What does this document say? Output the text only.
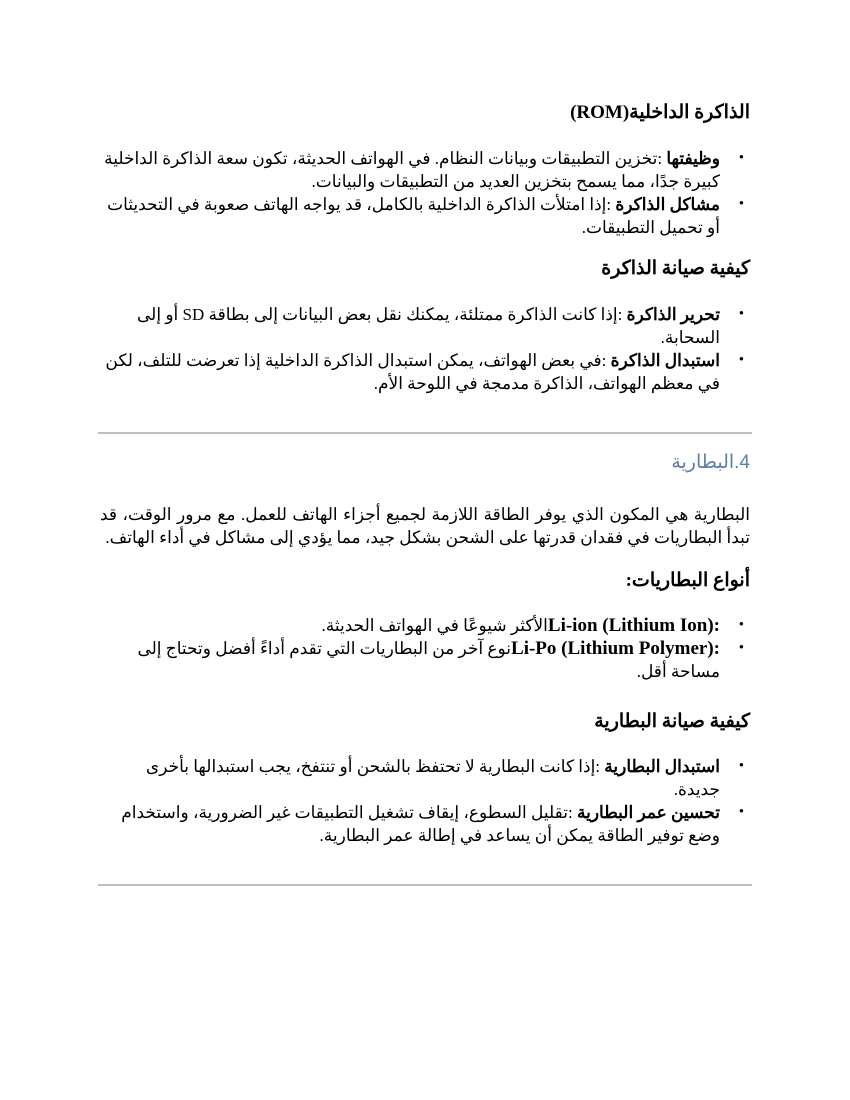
الذاكرة الداخلية(ROM)
• وظيفتها :تخزين التطبيقات وبيانات النظام. في الهواتف الحديثة، تكون سعة الذاكرة الداخلية كبيرة جدًا، مما يسمح بتخزين العديد من التطبيقات والبيانات.
• مشاكل الذاكرة :إذا امتلأت الذاكرة الداخلية بالكامل، قد يواجه الهاتف صعوبة في التحديثات أو تحميل التطبيقات.
كيفية صيانة الذاكرة
• تحرير الذاكرة :إذا كانت الذاكرة ممتلئة، يمكنك نقل بعض البيانات إلى بطاقة SD أو إلى السحابة.
• استبدال الذاكرة :في بعض الهواتف، يمكن استبدال الذاكرة الداخلية إذا تعرضت للتلف، لكن في معظم الهواتف، الذاكرة مدمجة في اللوحة الأم.
4.البطارية

البطارية هي المكون الذي يوفر الطاقة اللازمة لجميع أجزاء الهاتف للعمل. مع مرور الوقت، قد تبدأ البطاريات في فقدان قدرتها على الشحن بشكل جيد، مما يؤدي إلى مشاكل في أداء الهاتف.

أنواع البطاريات:
• Li-ion (Lithium Ion):الأكثر شيوعًا في الهواتف الحديثة.
• Li-Po (Lithium Polymer):نوع آخر من البطاريات التي تقدم أداءً أفضل وتحتاج إلى مساحة أقل.
كيفية صيانة البطارية
• استبدال البطارية :إذا كانت البطارية لا تحتفظ بالشحن أو تنتفخ، يجب استبدالها بأخرى جديدة.
• تحسين عمر البطارية :تقليل السطوع، إيقاف تشغيل التطبيقات غير الضرورية، واستخدام وضع توفير الطاقة يمكن أن يساعد في إطالة عمر البطارية.
